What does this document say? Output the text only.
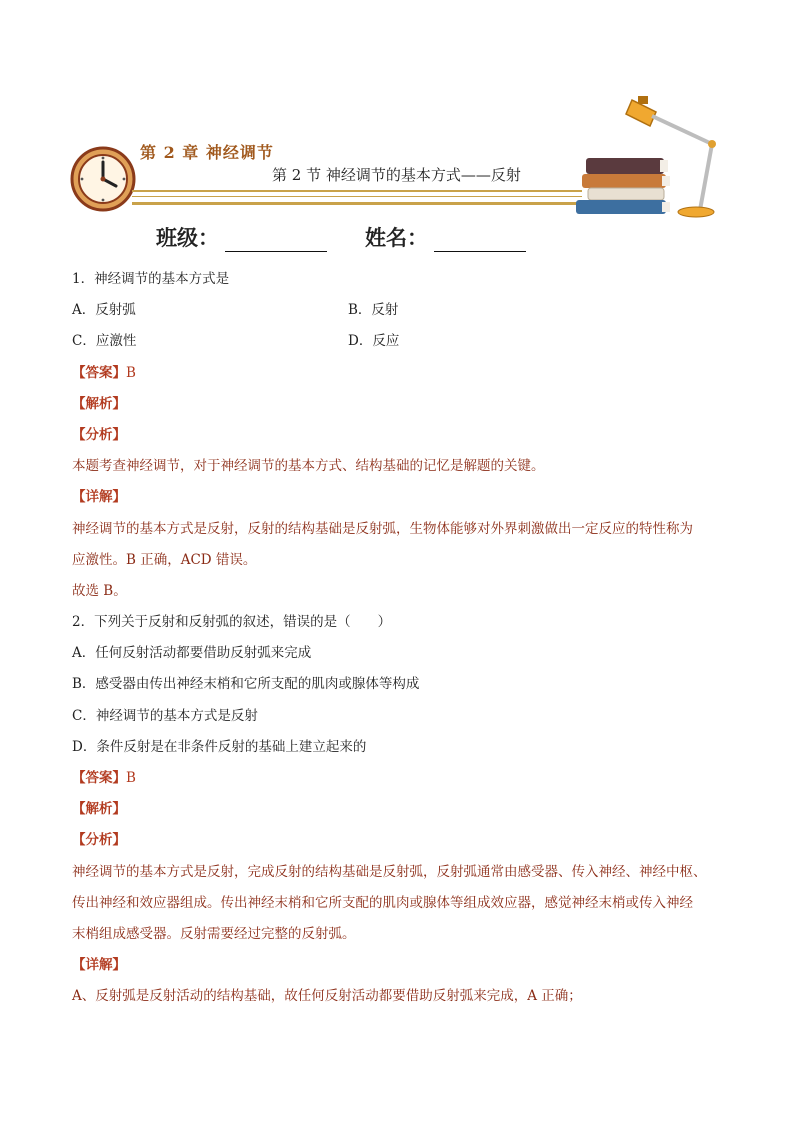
第 2 章 神经调节
第 2 节 神经调节的基本方式——反射
班级：	姓名：
1．神经调节的基本方式是
A．反射弧	B．反射
C．应激性	D．反应
【答案】B
【解析】
【分析】
本题考查神经调节，对于神经调节的基本方式、结构基础的记忆是解题的关键。
【详解】
神经调节的基本方式是反射，反射的结构基础是反射弧，生物体能够对外界刺激做出一定反应的特性称为
应激性。B 正确，ACD 错误。
故选 B。
2．下列关于反射和反射弧的叙述，错误的是（　　）
A．任何反射活动都要借助反射弧来完成
B．感受器由传出神经末梢和它所支配的肌肉或腺体等构成
C．神经调节的基本方式是反射
D．条件反射是在非条件反射的基础上建立起来的
【答案】B
【解析】
【分析】
神经调节的基本方式是反射，完成反射的结构基础是反射弧，反射弧通常由感受器、传入神经、神经中枢、
传出神经和效应器组成。传出神经末梢和它所支配的肌肉或腺体等组成效应器，感觉神经末梢或传入神经
末梢组成感受器。反射需要经过完整的反射弧。
【详解】
A、反射弧是反射活动的结构基础，故任何反射活动都要借助反射弧来完成，A 正确；
